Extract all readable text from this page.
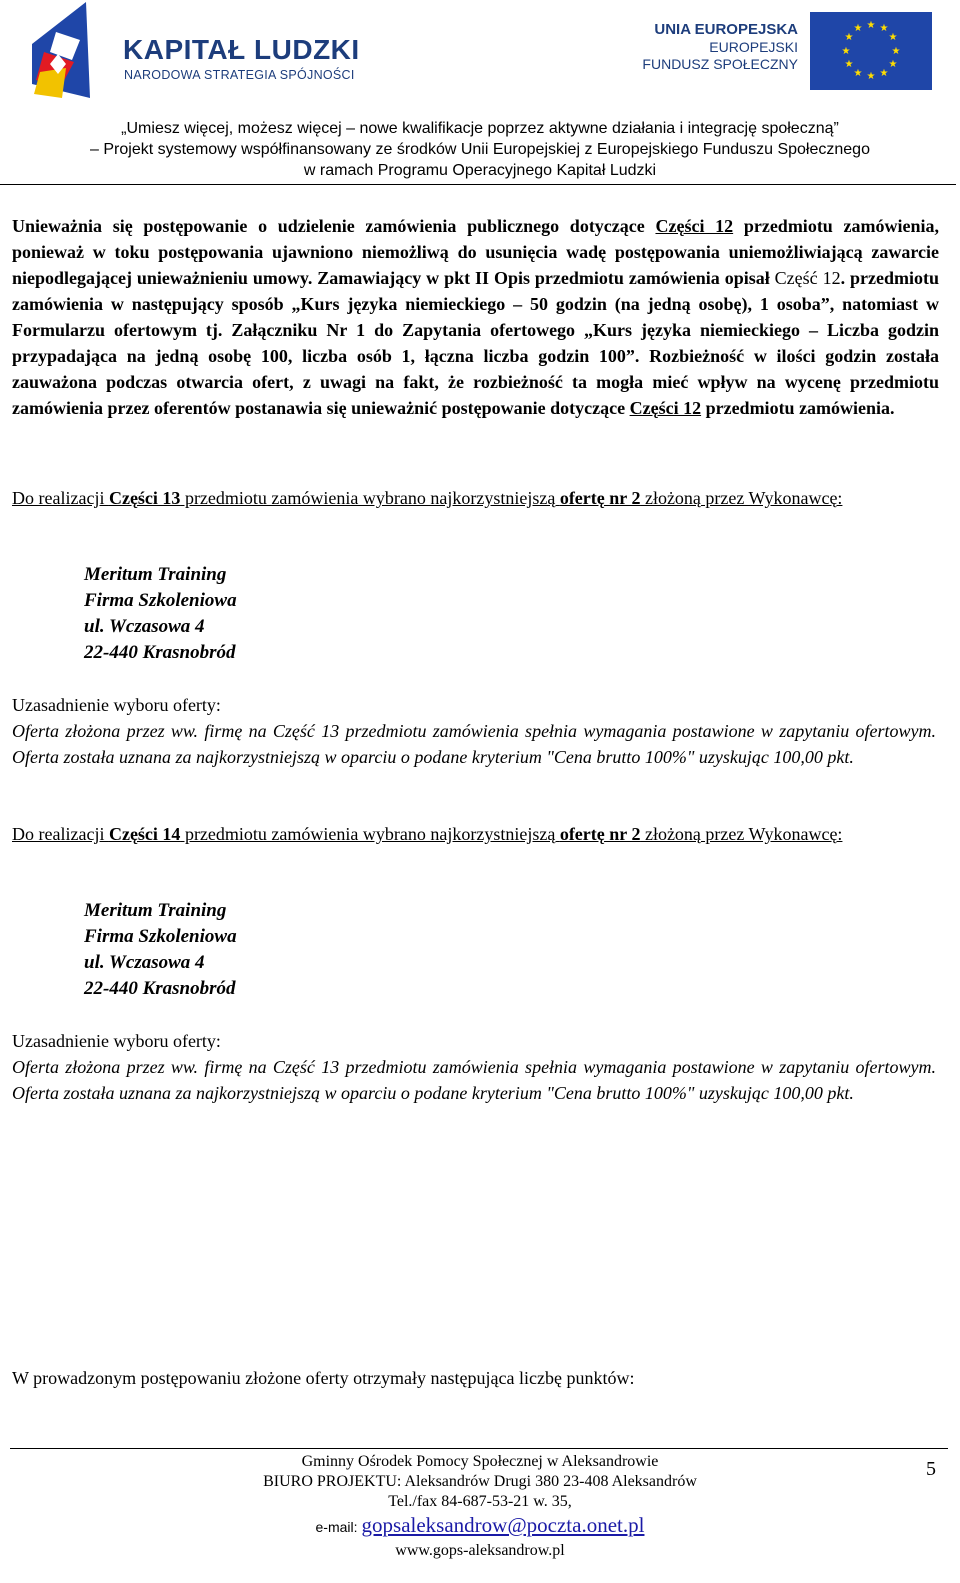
KAPITAŁ LUDZKI
NARODOWA STRATEGIA SPÓJNOŚCI
UNIA EUROPEJSKA
EUROPEJSKI
FUNDUSZ SPOŁECZNY
★ ★
★
★
★
★
★
★
★
★
★
★
„Umiesz więcej, możesz więcej – nowe kwalifikacje poprzez aktywne działania i integrację społeczną”
– Projekt systemowy współfinansowany ze środków Unii Europejskiej z Europejskiego Funduszu Społecznego
w ramach Programu Operacyjnego Kapitał Ludzki
Unieważnia się postępowanie o udzielenie zamówienia publicznego dotyczące Części 12 przedmiotu zamówienia, ponieważ w toku postępowania ujawniono niemożliwą do usunięcia wadę postępowania uniemożliwiającą zawarcie niepodlegającej unieważnieniu umowy. Zamawiający w pkt II Opis przedmiotu zamówienia opisał Część 12. przedmiotu zamówienia w następujący sposób „Kurs języka niemieckiego – 50 godzin (na jedną osobę), 1 osoba”, natomiast w Formularzu ofertowym tj. Załączniku Nr 1 do Zapytania ofertowego „Kurs języka niemieckiego – Liczba godzin przypadająca na jedną osobę 100, liczba osób 1, łączna liczba godzin 100”. Rozbieżność w ilości godzin została zauważona podczas otwarcia ofert, z uwagi na fakt, że rozbieżność ta mogła mieć wpływ na wycenę przedmiotu zamówienia przez oferentów postanawia się unieważnić postępowanie dotyczące Części 12 przedmiotu zamówienia.
Do realizacji Części 13 przedmiotu zamówienia wybrano najkorzystniejszą ofertę nr 2 złożoną przez Wykonawcę:
Meritum Training
Firma Szkoleniowa
ul. Wczasowa 4
22-440 Krasnobród
Uzasadnienie wyboru oferty:
Oferta złożona przez ww. firmę na Część 13 przedmiotu zamówienia spełnia wymagania postawione w zapytaniu ofertowym. Oferta została uznana za najkorzystniejszą w oparciu o podane kryterium "Cena brutto 100%" uzyskując 100,00 pkt.
Do realizacji Części 14 przedmiotu zamówienia wybrano najkorzystniejszą ofertę nr 2 złożoną przez Wykonawcę:
Meritum Training
Firma Szkoleniowa
ul. Wczasowa 4
22-440 Krasnobród
Uzasadnienie wyboru oferty:
Oferta złożona przez ww. firmę na Część 13 przedmiotu zamówienia spełnia wymagania postawione w zapytaniu ofertowym. Oferta została uznana za najkorzystniejszą w oparciu o podane kryterium "Cena brutto 100%" uzyskując 100,00 pkt.
W prowadzonym postępowaniu złożone oferty otrzymały następująca liczbę punktów:
Gminny Ośrodek Pomocy Społecznej w Aleksandrowie
BIURO PROJEKTU: Aleksandrów Drugi 380 23-408 Aleksandrów
Tel./fax 84-687-53-21 w. 35,
e-mail: gopsaleksandrow@poczta.onet.pl
www.gops-aleksandrow.pl
5
